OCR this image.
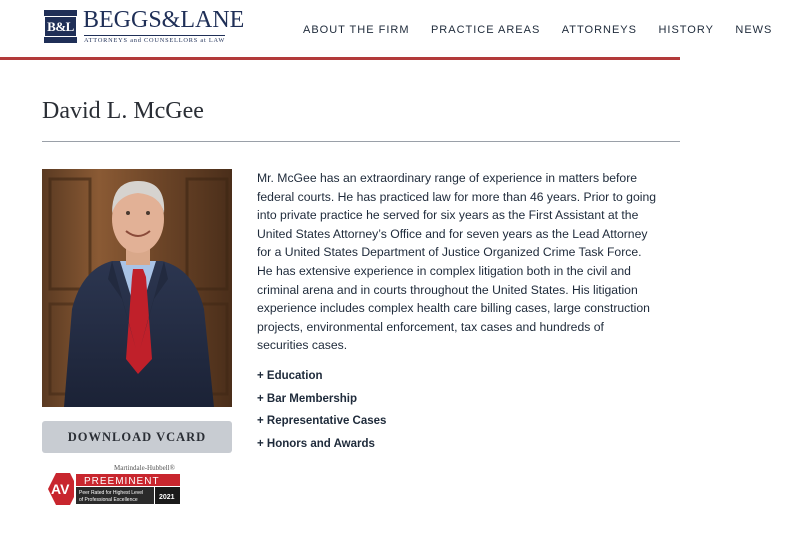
B&L BEGGS&LANE
ATTORNEYS and COUNSELLORS at LAW
ABOUT THE FIRM PRACTICE AREAS ATTORNEYS HISTORY NEWS
David L. McGee
DOWNLOAD VCARD
Martindale-Hubbell®
AV PREEMINENT
Peer Rated for Highest Level
of Professional Excellence	2021

Mr. McGee has an extraordinary range of experience in matters before federal courts. He has practiced law for more than 46 years. Prior to going into private practice he served for six years as the First Assistant at the United States Attorney’s Office and for seven years as the Lead Attorney for a United States Department of Justice Organized Crime Task Force. He has extensive experience in complex litigation both in the civil and criminal arena and in courts throughout the United States. His litigation experience includes complex health care billing cases, large construction projects, environmental enforcement, tax cases and hundreds of securities cases.

+ Education
+ Bar Membership
+ Representative Cases
+ Honors and Awards
